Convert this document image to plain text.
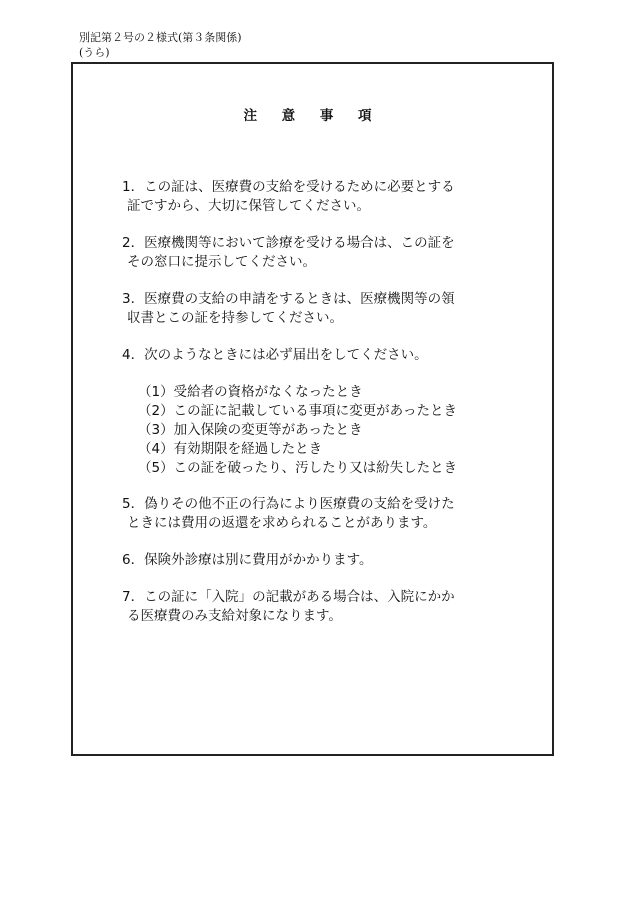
別記第２号の２様式(第３条関係)
(うら)
注 意 事 項
1．この証は、医療費の支給を受けるために必要とする
証ですから、大切に保管してください。
2．医療機関等において診療を受ける場合は、この証を
その窓口に提示してください。
3．医療費の支給の申請をするときは、医療機関等の領
収書とこの証を持参してください。
4．次のようなときには必ず届出をしてください。
（1）受給者の資格がなくなったとき
（2）この証に記載している事項に変更があったとき
（3）加入保険の変更等があったとき
（4）有効期限を経過したとき
（5）この証を破ったり、汚したり又は紛失したとき
5．偽りその他不正の行為により医療費の支給を受けた
ときには費用の返還を求められることがあります。
6．保険外診療は別に費用がかかります。
7．この証に「入院」の記載がある場合は、入院にかか
る医療費のみ支給対象になります。
